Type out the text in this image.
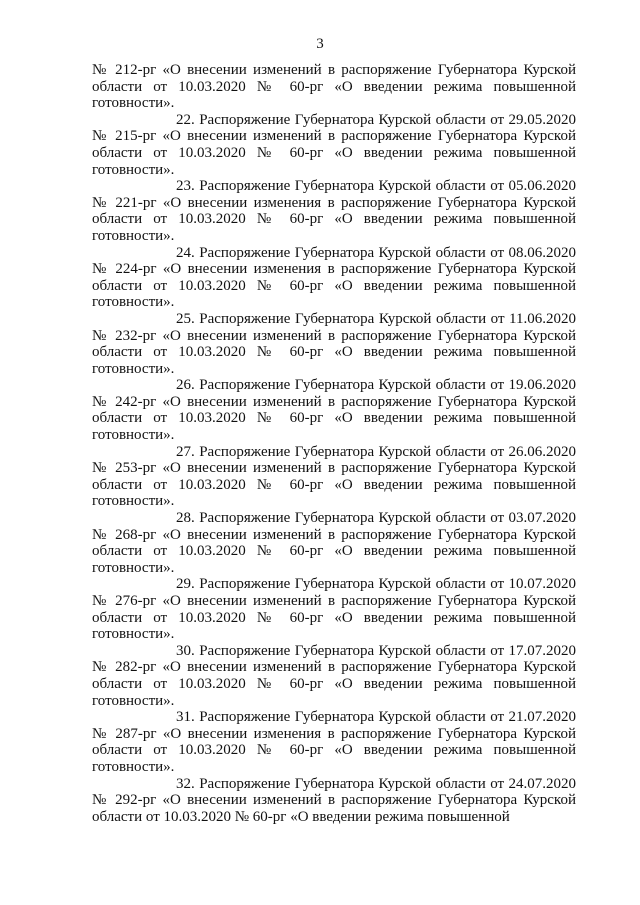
3

№ 212-рг «О внесении изменений в распоряжение Губернатора Курской области от 10.03.2020 № 60-рг «О введении режима повышенной готовности».

22. Распоряжение Губернатора Курской области от 29.05.2020 № 215-рг «О внесении изменений в распоряжение Губернатора Курской области от 10.03.2020 № 60-рг «О введении режима повышенной готовности».

23. Распоряжение Губернатора Курской области от 05.06.2020 № 221-рг «О внесении изменения в распоряжение Губернатора Курской области от 10.03.2020 № 60-рг «О введении режима повышенной готовности».

24. Распоряжение Губернатора Курской области от 08.06.2020 № 224-рг «О внесении изменения в распоряжение Губернатора Курской области от 10.03.2020 № 60-рг «О введении режима повышенной готовности».

25. Распоряжение Губернатора Курской области от 11.06.2020 № 232-рг «О внесении изменений в распоряжение Губернатора Курской области от 10.03.2020 № 60-рг «О введении режима повышенной готовности».

26. Распоряжение Губернатора Курской области от 19.06.2020 № 242-рг «О внесении изменений в распоряжение Губернатора Курской области от 10.03.2020 № 60-рг «О введении режима повышенной готовности».

27. Распоряжение Губернатора Курской области от 26.06.2020 № 253-рг «О внесении изменений в распоряжение Губернатора Курской области от 10.03.2020 № 60-рг «О введении режима повышенной готовности».

28. Распоряжение Губернатора Курской области от 03.07.2020 № 268-рг «О внесении изменений в распоряжение Губернатора Курской области от 10.03.2020 № 60-рг «О введении режима повышенной готовности».

29. Распоряжение Губернатора Курской области от 10.07.2020 № 276-рг «О внесении изменений в распоряжение Губернатора Курской области от 10.03.2020 № 60-рг «О введении режима повышенной готовности».

30. Распоряжение Губернатора Курской области от 17.07.2020 № 282-рг «О внесении изменений в распоряжение Губернатора Курской области от 10.03.2020 № 60-рг «О введении режима повышенной готовности».

31. Распоряжение Губернатора Курской области от 21.07.2020 № 287-рг «О внесении изменения в распоряжение Губернатора Курской области от 10.03.2020 № 60-рг «О введении режима повышенной готовности».

32. Распоряжение Губернатора Курской области от 24.07.2020 № 292-рг «О внесении изменений в распоряжение Губернатора Курской области от 10.03.2020 № 60-рг «О введении режима повышенной
